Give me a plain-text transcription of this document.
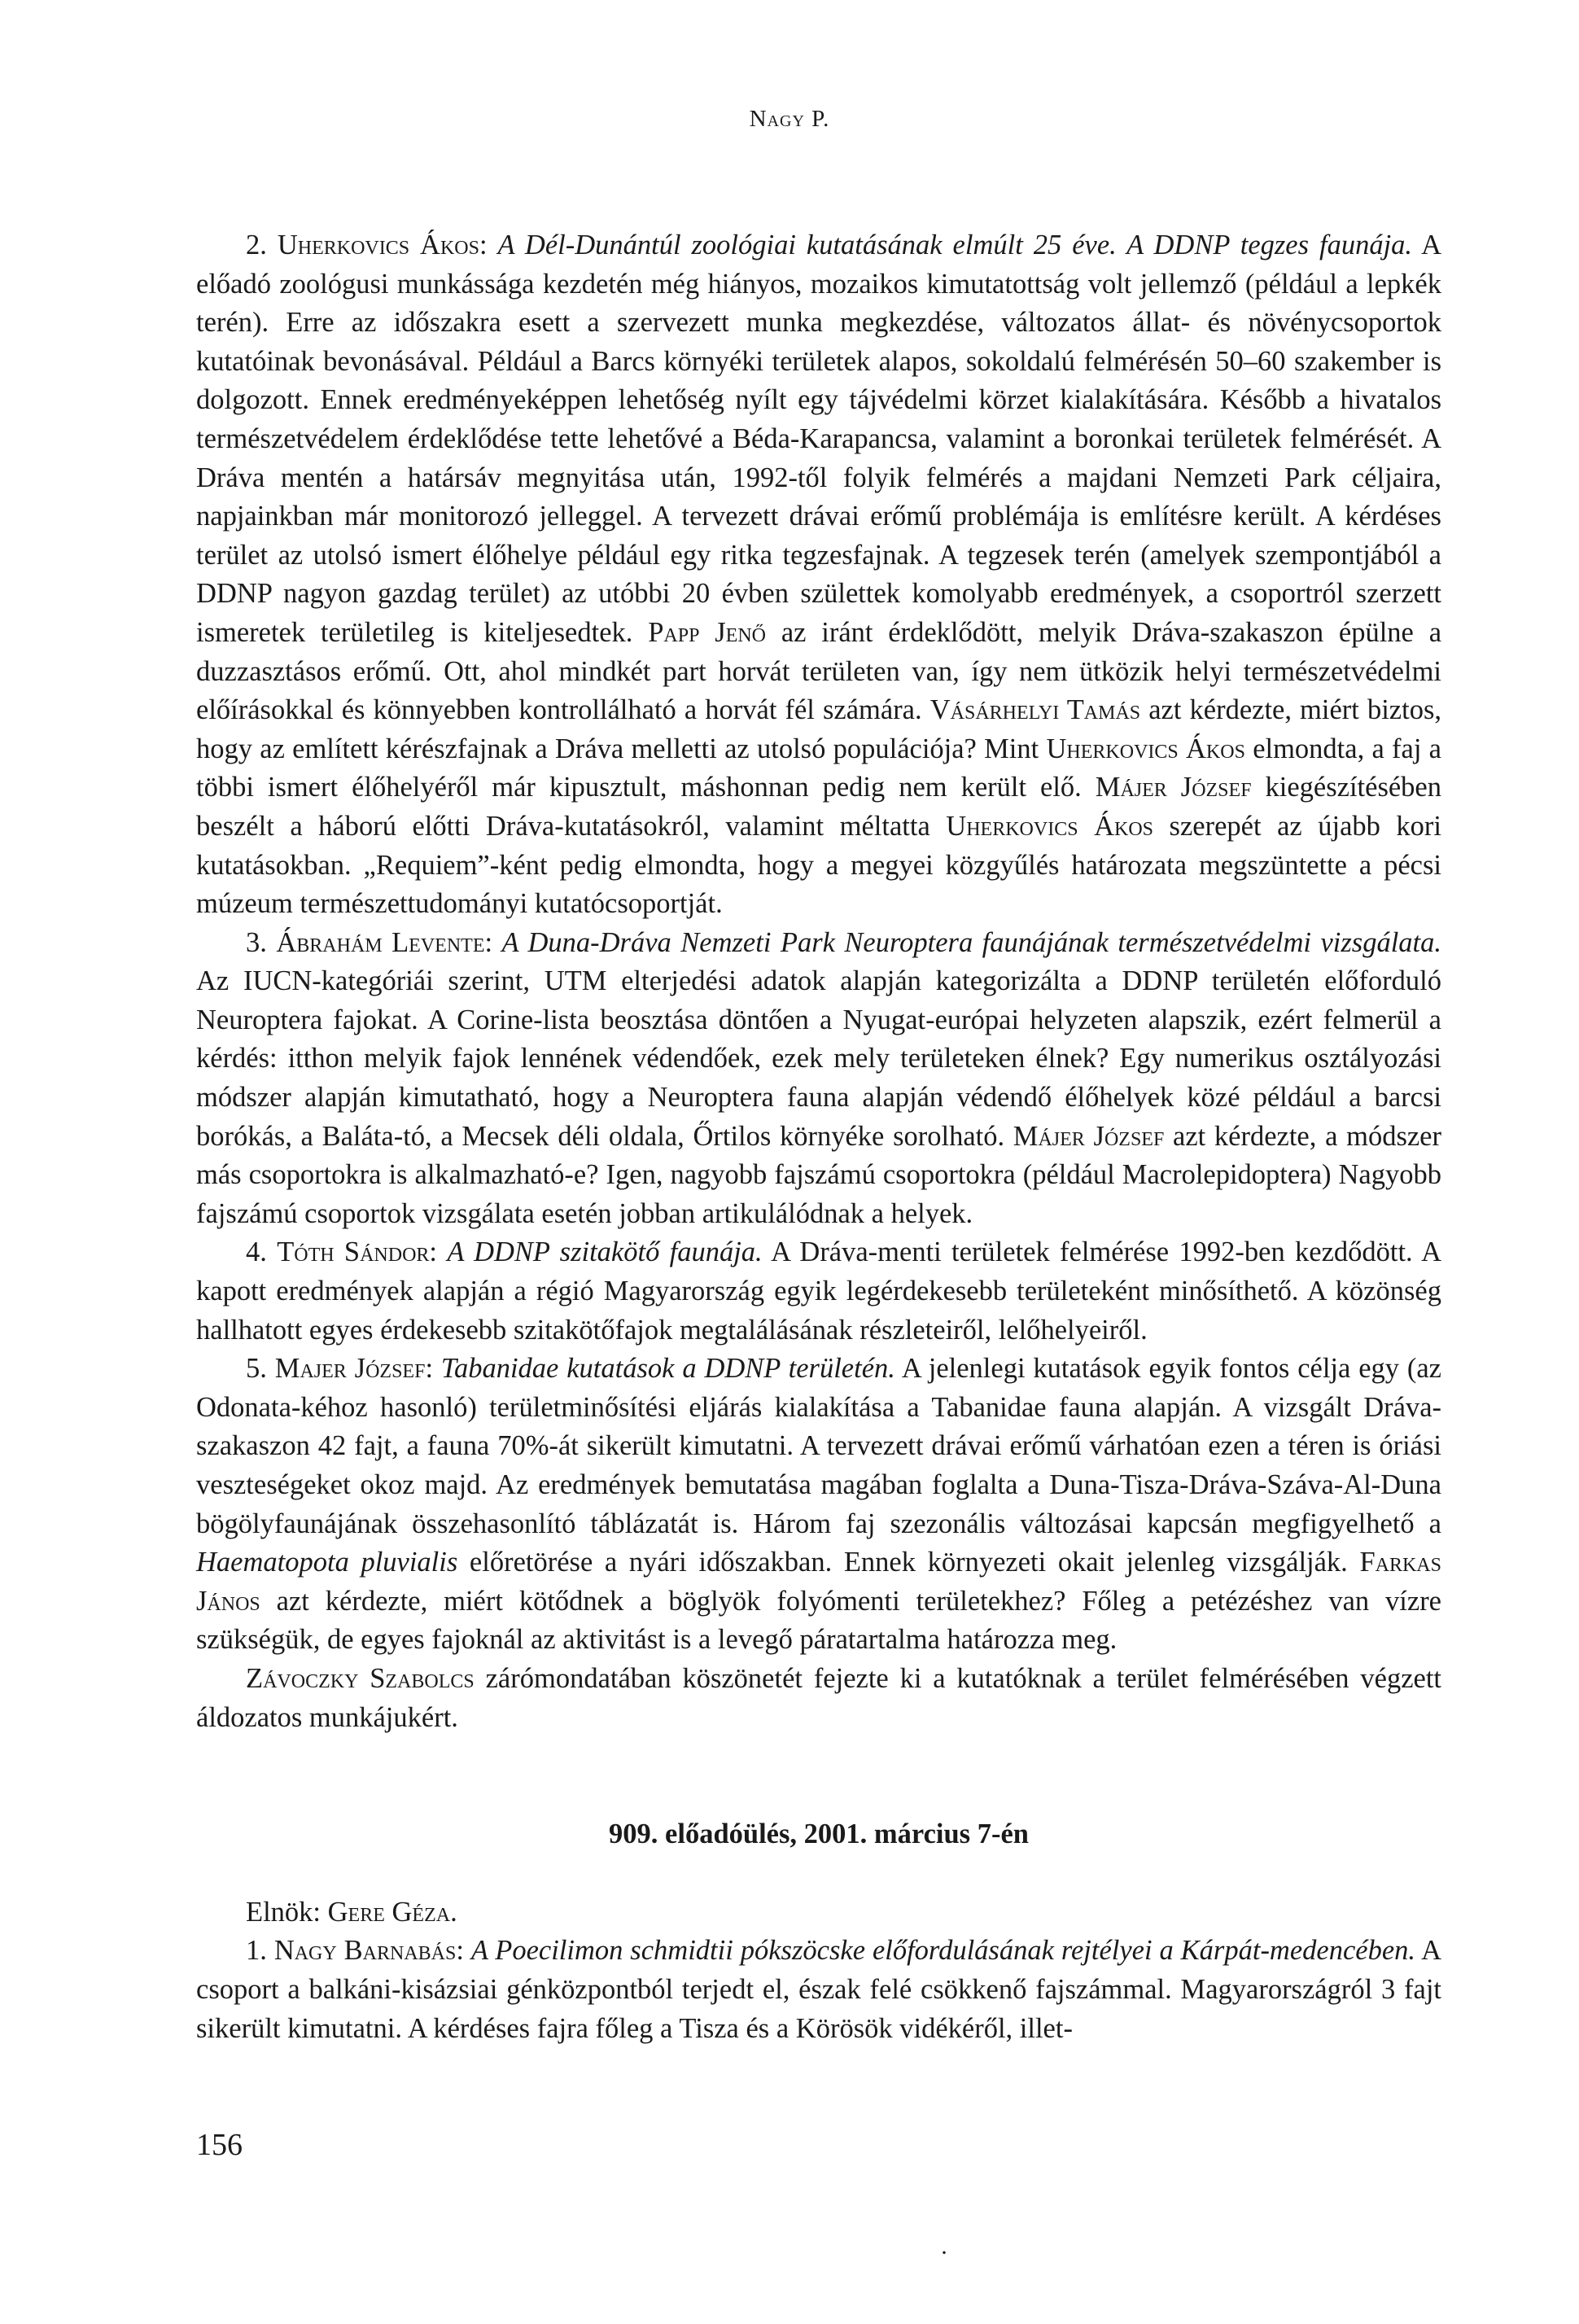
Nagy P.

2. Uherkovics Ákos: A Dél-Dunántúl zoológiai kutatásának elmúlt 25 éve. A DDNP tegzes faunája. A előadó zoológusi munkássága kezdetén még hiányos, mozaikos kimutatottság volt jellemző (például a lepkék terén). Erre az időszakra esett a szervezett munka megkezdése, változatos állat- és növénycsoportok kutatóinak bevonásával. Például a Barcs környéki területek alapos, sokoldalú felmérésén 50–60 szakember is dolgozott. Ennek eredményeképpen lehetőség nyílt egy tájvédelmi körzet kialakítására. Később a hivatalos természetvédelem érdeklődése tette lehetővé a Béda-Karapancsa, valamint a boronkai területek felmérését. A Dráva mentén a határsáv megnyitása után, 1992-től folyik felmérés a majdani Nemzeti Park céljaira, napjainkban már monitorozó jelleggel. A tervezett drávai erőmű problémája is említésre került. A kérdéses terület az utolsó ismert élőhelye például egy ritka tegzesfajnak. A tegzesek terén (amelyek szempontjából a DDNP nagyon gazdag terület) az utóbbi 20 évben születtek komolyabb eredmények, a csoportról szerzett ismeretek területileg is kiteljesedtek. Papp Jenő az iránt érdeklődött, melyik Dráva-szakaszon épülne a duzzasztásos erőmű. Ott, ahol mindkét part horvát területen van, így nem ütközik helyi természetvédelmi előírásokkal és könnyebben kontrollálható a horvát fél számára. Vásárhelyi Tamás azt kérdezte, miért biztos, hogy az említett kérészfajnak a Dráva melletti az utolsó populációja? Mint Uherkovics Ákos elmondta, a faj a többi ismert élőhelyéről már kipusztult, máshonnan pedig nem került elő. Májer József kiegészítésében beszélt a háború előtti Dráva-kutatásokról, valamint méltatta Uherkovics Ákos szerepét az újabb kori kutatásokban. „Requiem”-ként pedig elmondta, hogy a megyei közgyűlés határozata megszüntette a pécsi múzeum természettudományi kutatócsoportját.

3. Ábrahám Levente: A Duna-Dráva Nemzeti Park Neuroptera faunájának természetvédelmi vizsgálata. Az IUCN-kategóriái szerint, UTM elterjedési adatok alapján kategorizálta a DDNP területén előforduló Neuroptera fajokat. A Corine-lista beosztása döntően a Nyugat-európai helyzeten alapszik, ezért felmerül a kérdés: itthon melyik fajok lennének védendőek, ezek mely területeken élnek? Egy numerikus osztályozási módszer alapján kimutatható, hogy a Neuroptera fauna alapján védendő élőhelyek közé például a barcsi borókás, a Baláta-tó, a Mecsek déli oldala, Őrtilos környéke sorolható. Májer József azt kérdezte, a módszer más csoportokra is alkalmazható-e? Igen, nagyobb fajszámú csoportokra (például Macrolepidoptera) Nagyobb fajszámú csoportok vizsgálata esetén jobban artikulálódnak a helyek.

4. Tóth Sándor: A DDNP szitakötő faunája. A Dráva-menti területek felmérése 1992-ben kezdődött. A kapott eredmények alapján a régió Magyarország egyik legérdekesebb területeként minősíthető. A közönség hallhatott egyes érdekesebb szitakötőfajok megtalálásának részleteiről, lelőhelyeiről.

5. Majer József: Tabanidae kutatások a DDNP területén. A jelenlegi kutatások egyik fontos célja egy (az Odonata-kéhoz hasonló) területminősítési eljárás kialakítása a Tabanidae fauna alapján. A vizsgált Dráva-szakaszon 42 fajt, a fauna 70%-át sikerült kimutatni. A tervezett drávai erőmű várhatóan ezen a téren is óriási veszteségeket okoz majd. Az eredmények bemutatása magában foglalta a Duna-Tisza-Dráva-Száva-Al-Duna bögölyfaunájának összehasonlító táblázatát is. Három faj szezonális változásai kapcsán megfigyelhető a Haematopota pluvialis előretörése a nyári időszakban. Ennek környezeti okait jelenleg vizsgálják. Farkas János azt kérdezte, miért kötődnek a böglyök folyómenti területekhez? Főleg a petézéshez van vízre szükségük, de egyes fajoknál az aktivitást is a levegő páratartalma határozza meg.

Závoczky Szabolcs zárómondatában köszönetét fejezte ki a kutatóknak a terület felmérésében végzett áldozatos munkájukért.

909. előadóülés, 2001. március 7-én

Elnök: Gere Géza.

1. Nagy Barnabás: A Poecilimon schmidtii pókszöcske előfordulásának rejtélyei a Kárpát-medencében. A csoport a balkáni-kisázsiai génközpontból terjedt el, észak felé csökkenő fajszámmal. Magyarországról 3 fajt sikerült kimutatni. A kérdéses fajra főleg a Tisza és a Körösök vidékéről, illet-

·
156
